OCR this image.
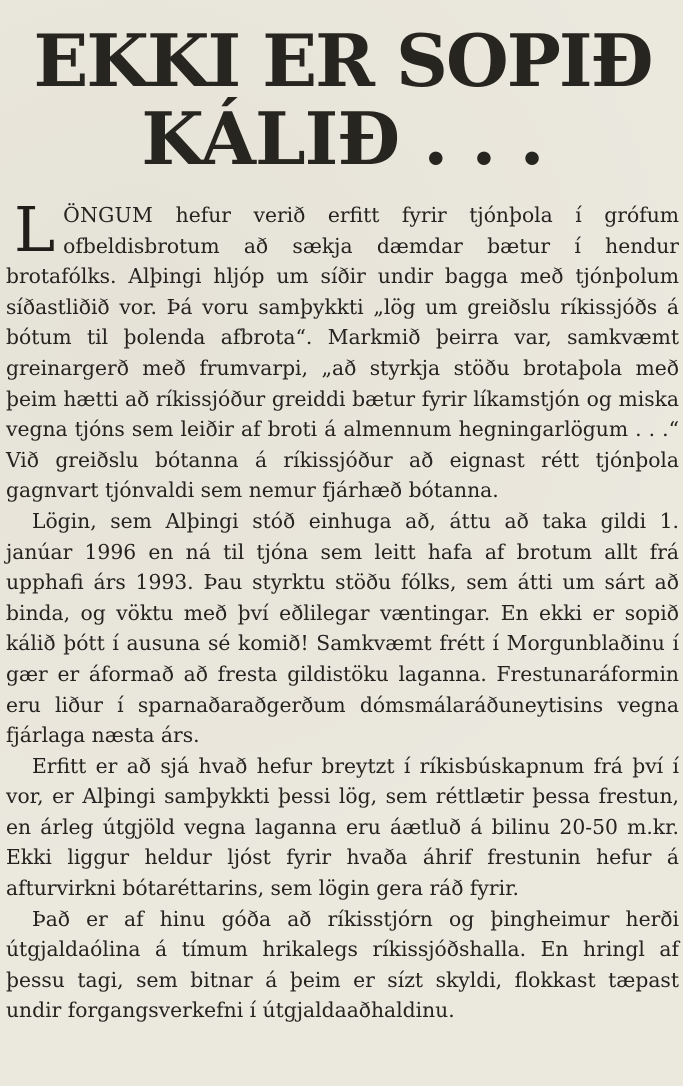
EKKI ER SOPIÐ
KÁLIÐ . . .

LÖNGUM hefur verið erfitt fyrir tjónþola í grófum ofbeldisbrotum að sækja dæmdar bætur í hendur brotafólks. Alþingi hljóp um síðir undir bagga með tjónþolum síðastliðið vor. Þá voru samþykkti „lög um greiðslu ríkissjóðs á bótum til þolenda afbrota“. Markmið þeirra var, samkvæmt greinargerð með frumvarpi, „að styrkja stöðu brotaþola með þeim hætti að ríkissjóður greiddi bætur fyrir líkamstjón og miska vegna tjóns sem leiðir af broti á almennum hegningarlögum . . .“ Við greiðslu bótanna á ríkissjóður að eignast rétt tjónþola gagnvart tjónvaldi sem nemur fjárhæð bótanna.

Lögin, sem Alþingi stóð einhuga að, áttu að taka gildi 1. janúar 1996 en ná til tjóna sem leitt hafa af brotum allt frá upphafi árs 1993. Þau styrktu stöðu fólks, sem átti um sárt að binda, og vöktu með því eðlilegar væntingar. En ekki er sopið kálið þótt í ausuna sé komið! Samkvæmt frétt í Morgunblaðinu í gær er áformað að fresta gildistöku laganna. Frestunaráformin eru liður í sparnaðaraðgerðum dómsmálaráðuneytisins vegna fjárlaga næsta árs.

Erfitt er að sjá hvað hefur breytzt í ríkisbúskapnum frá því í vor, er Alþingi samþykkti þessi lög, sem réttlætir þessa frestun, en árleg útgjöld vegna laganna eru áætluð á bilinu 20-50 m.kr. Ekki liggur heldur ljóst fyrir hvaða áhrif frestunin hefur á afturvirkni bótaréttarins, sem lögin gera ráð fyrir.

Það er af hinu góða að ríkisstjórn og þingheimur herði útgjaldaólina á tímum hrikalegs ríkissjóðshalla. En hringl af þessu tagi, sem bitnar á þeim er sízt skyldi, flokkast tæpast undir forgangsverkefni í útgjaldaaðhaldinu.
